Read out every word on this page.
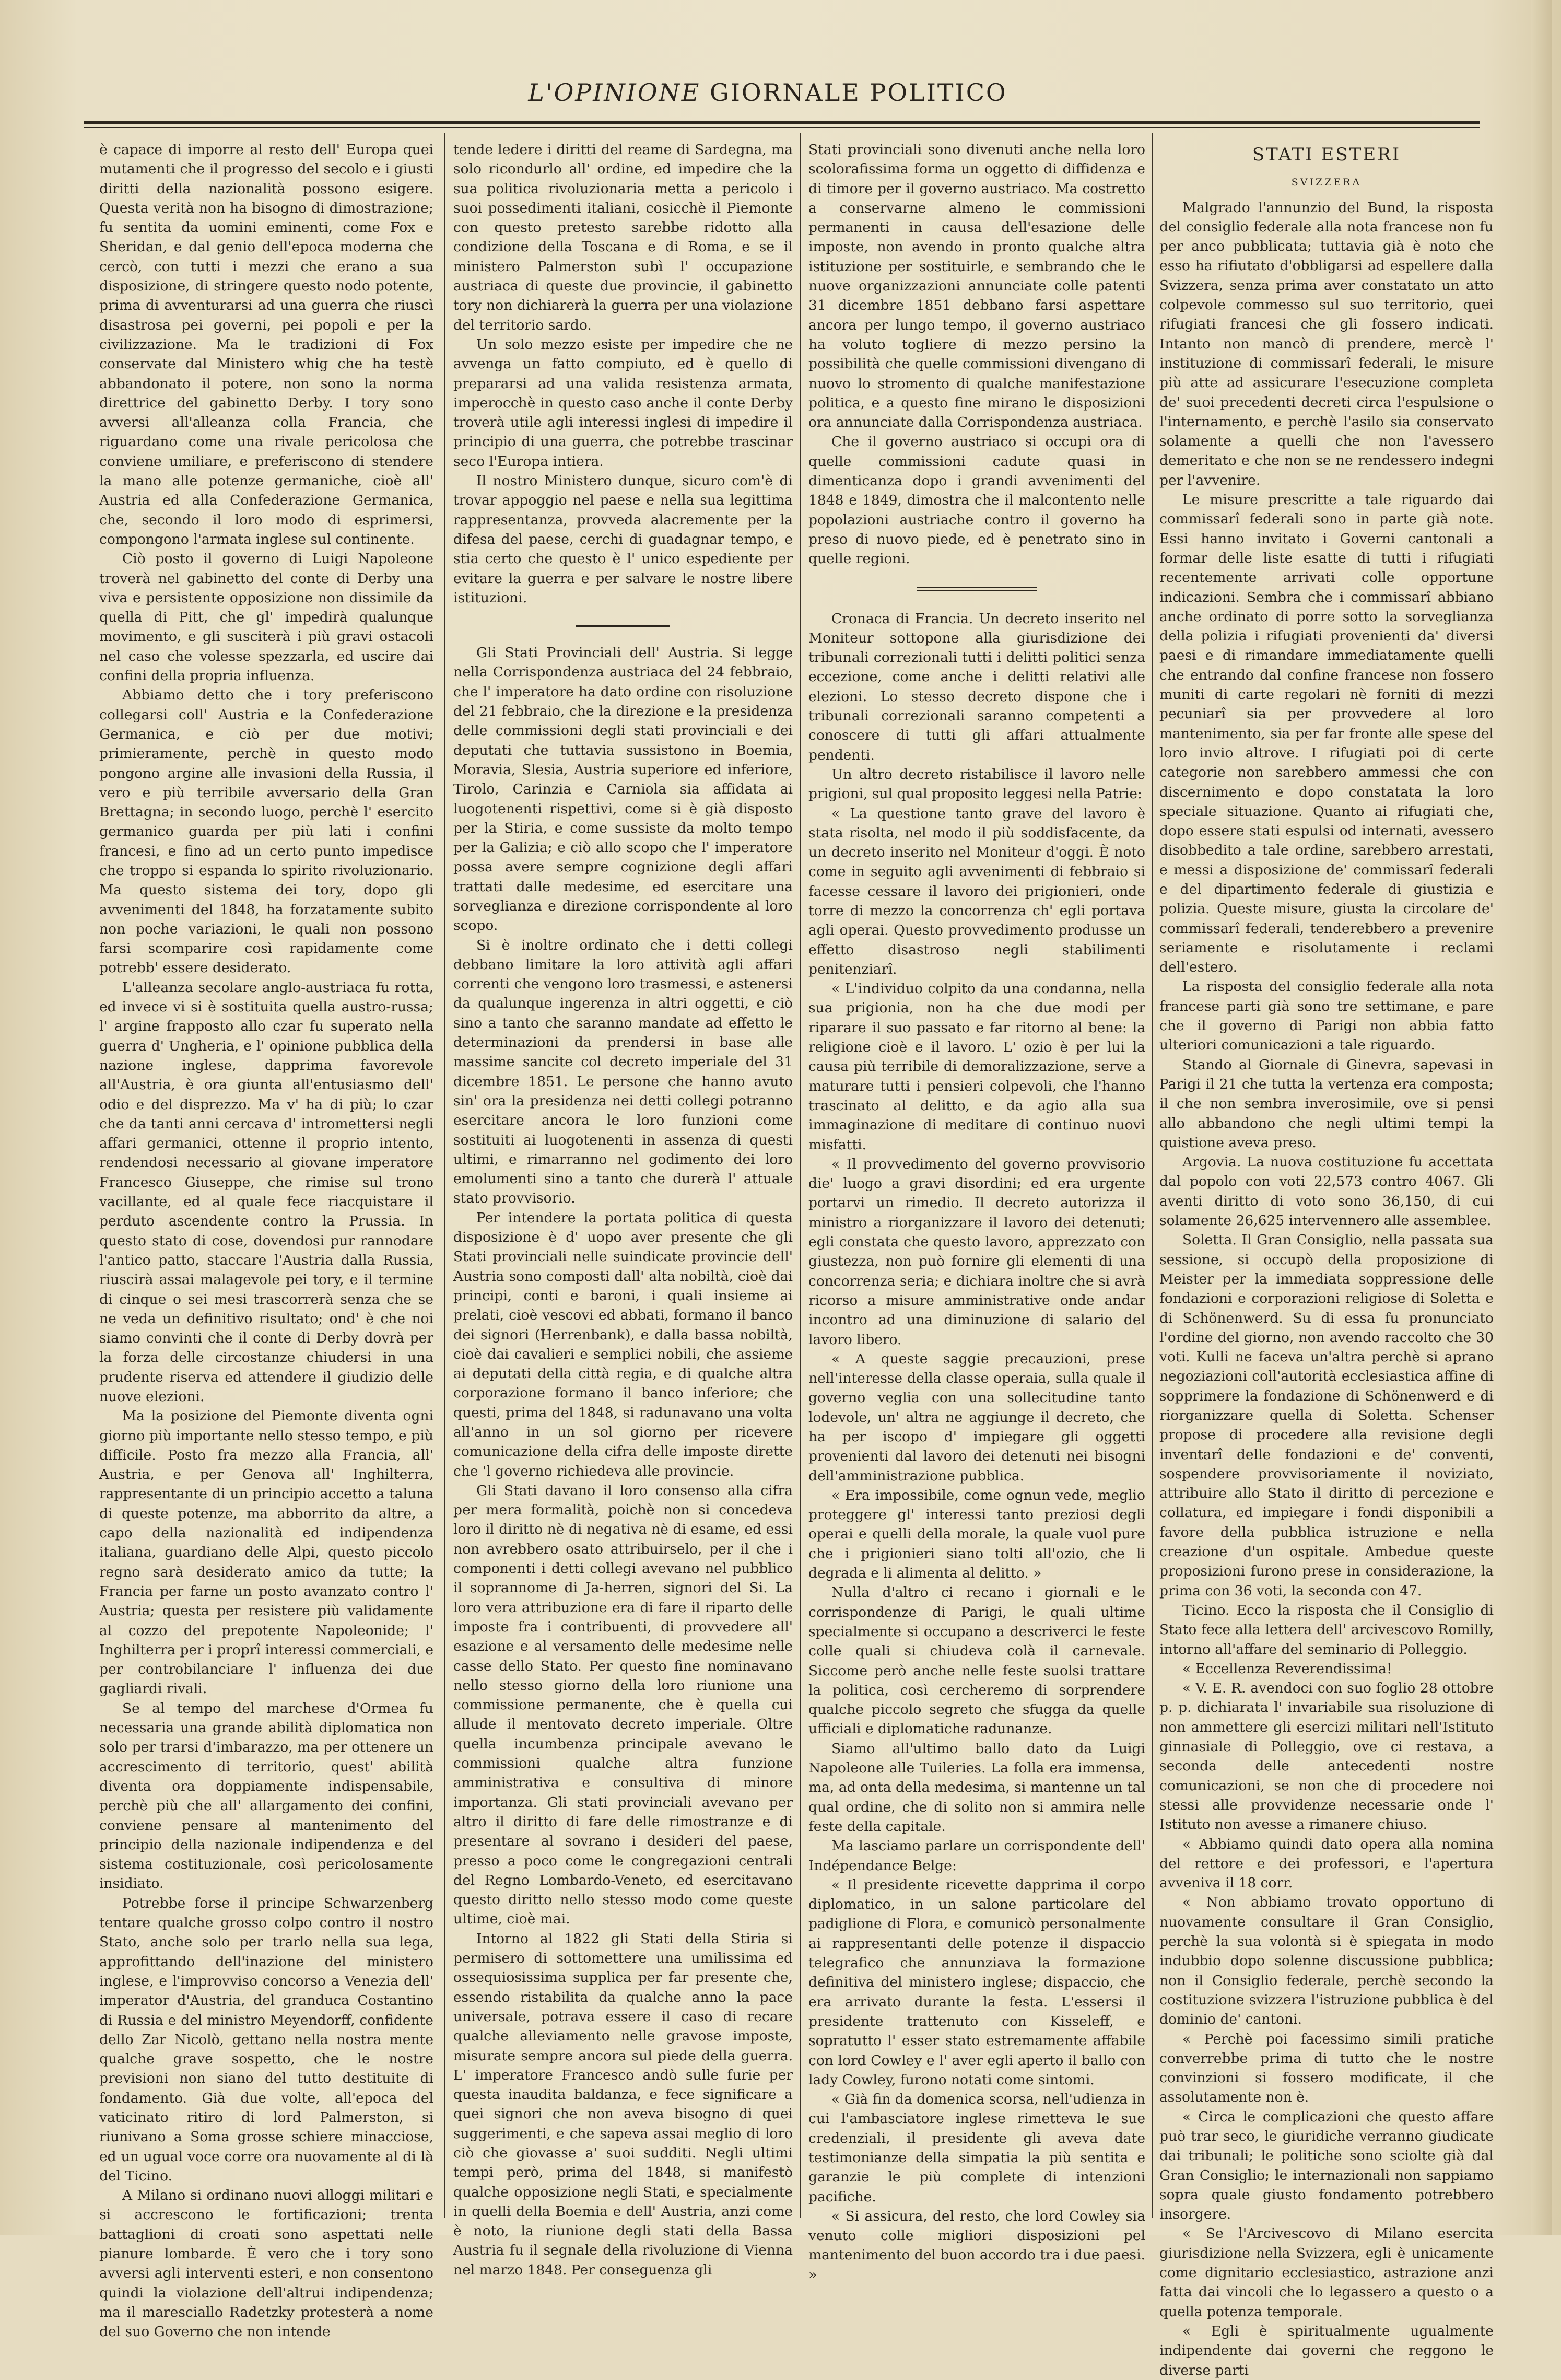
L'OPINIONE GIORNALE POLITICO

è capace di imporre al resto dell' Europa quei mutamenti che il progresso del secolo e i giusti diritti della nazionalità possono esigere. Questa verità non ha bisogno di dimostrazione; fu sentita da uomini eminenti, come Fox e Sheridan, e dal genio dell'epoca moderna che cercò, con tutti i mezzi che erano a sua disposizione, di stringere questo nodo potente, prima di avventurarsi ad una guerra che riuscì disastrosa pei governi, pei popoli e per la civilizzazione. Ma le tradizioni di Fox conservate dal Ministero whig che ha testè abbandonato il potere, non sono la norma direttrice del gabinetto Derby. I tory sono avversi all'alleanza colla Francia, che riguardano come una rivale pericolosa che conviene umiliare, e preferiscono di stendere la mano alle potenze germaniche, cioè all' Austria ed alla Confederazione Germanica, che, secondo il loro modo di esprimersi, compongono l'armata inglese sul continente.

Ciò posto il governo di Luigi Napoleone troverà nel gabinetto del conte di Derby una viva e persistente opposizione non dissimile da quella di Pitt, che gl' impedirà qualunque movimento, e gli susciterà i più gravi ostacoli nel caso che volesse spezzarla, ed uscire dai confini della propria influenza.

Abbiamo detto che i tory preferiscono collegarsi coll' Austria e la Confederazione Germanica, e ciò per due motivi; primieramente, perchè in questo modo pongono argine alle invasioni della Russia, il vero e più terribile avversario della Gran Brettagna; in secondo luogo, perchè l' esercito germanico guarda per più lati i confini francesi, e fino ad un certo punto impedisce che troppo si espanda lo spirito rivoluzionario. Ma questo sistema dei tory, dopo gli avvenimenti del 1848, ha forzatamente subito non poche variazioni, le quali non possono farsi scomparire così rapidamente come potrebb' essere desiderato.

L'alleanza secolare anglo-austriaca fu rotta, ed invece vi si è sostituita quella austro-russa; l' argine frapposto allo czar fu superato nella guerra d' Ungheria, e l' opinione pubblica della nazione inglese, dapprima favorevole all'Austria, è ora giunta all'entusiasmo dell' odio e del disprezzo. Ma v' ha di più; lo czar che da tanti anni cercava d' intromettersi negli affari germanici, ottenne il proprio intento, rendendosi necessario al giovane imperatore Francesco Giuseppe, che rimise sul trono vacillante, ed al quale fece riacquistare il perduto ascendente contro la Prussia. In questo stato di cose, dovendosi pur rannodare l'antico patto, staccare l'Austria dalla Russia, riuscirà assai malagevole pei tory, e il termine di cinque o sei mesi trascorrerà senza che se ne veda un definitivo risultato; ond' è che noi siamo convinti che il conte di Derby dovrà per la forza delle circostanze chiudersi in una prudente riserva ed attendere il giudizio delle nuove elezioni.

Ma la posizione del Piemonte diventa ogni giorno più importante nello stesso tempo, e più difficile. Posto fra mezzo alla Francia, all' Austria, e per Genova all' Inghilterra, rappresentante di un principio accetto a taluna di queste potenze, ma abborrito da altre, a capo della nazionalità ed indipendenza italiana, guardiano delle Alpi, questo piccolo regno sarà desiderato amico da tutte; la Francia per farne un posto avanzato contro l' Austria; questa per resistere più validamente al cozzo del prepotente Napoleonide; l' Inghilterra per i proprî interessi commerciali, e per controbilanciare l' influenza dei due gagliardi rivali.

Se al tempo del marchese d'Ormea fu necessaria una grande abilità diplomatica non solo per trarsi d'imbarazzo, ma per ottenere un accrescimento di territorio, quest' abilità diventa ora doppiamente indispensabile, perchè più che all' allargamento dei confini, conviene pensare al mantenimento del principio della nazionale indipendenza e del sistema costituzionale, così pericolosamente insidiato.

Potrebbe forse il principe Schwarzenberg tentare qualche grosso colpo contro il nostro Stato, anche solo per trarlo nella sua lega, approfittando dell'inazione del ministero inglese, e l'improvviso concorso a Venezia dell' imperator d'Austria, del granduca Costantino di Russia e del ministro Meyendorff, confidente dello Zar Nicolò, gettano nella nostra mente qualche grave sospetto, che le nostre previsioni non siano del tutto destituite di fondamento. Già due volte, all'epoca del vaticinato ritiro di lord Palmerston, si riunivano a Soma grosse schiere minacciose, ed un ugual voce corre ora nuovamente al di là del Ticino.

A Milano si ordinano nuovi alloggi militari e si accrescono le fortificazioni; trenta battaglioni di croati sono aspettati nelle pianure lombarde. È vero che i tory sono avversi agli interventi esteri, e non consentono quindi la violazione dell'altrui indipendenza; ma il maresciallo Radetzky protesterà a nome del suo Governo che non intende

tende ledere i diritti del reame di Sardegna, ma solo ricondurlo all' ordine, ed impedire che la sua politica rivoluzionaria metta a pericolo i suoi possedimenti italiani, cosicchè il Piemonte con questo pretesto sarebbe ridotto alla condizione della Toscana e di Roma, e se il ministero Palmerston subì l' occupazione austriaca di queste due provincie, il gabinetto tory non dichiarerà la guerra per una violazione del territorio sardo.

Un solo mezzo esiste per impedire che ne avvenga un fatto compiuto, ed è quello di prepararsi ad una valida resistenza armata, imperocchè in questo caso anche il conte Derby troverà utile agli interessi inglesi di impedire il principio di una guerra, che potrebbe trascinar seco l'Europa intiera.

Il nostro Ministero dunque, sicuro com'è di trovar appoggio nel paese e nella sua legittima rappresentanza, provveda alacremente per la difesa del paese, cerchi di guadagnar tempo, e stia certo che questo è l' unico espediente per evitare la guerra e per salvare le nostre libere istituzioni.

Gli Stati Provinciali dell' Austria. Si legge nella Corrispondenza austriaca del 24 febbraio, che l' imperatore ha dato ordine con risoluzione del 21 febbraio, che la direzione e la presidenza delle commissioni degli stati provinciali e dei deputati che tuttavia sussistono in Boemia, Moravia, Slesia, Austria superiore ed inferiore, Tirolo, Carinzia e Carniola sia affidata ai luogotenenti rispettivi, come si è già disposto per la Stiria, e come sussiste da molto tempo per la Galizia; e ciò allo scopo che l' imperatore possa avere sempre cognizione degli affari trattati dalle medesime, ed esercitare una sorveglianza e direzione corrispondente al loro scopo.

Si è inoltre ordinato che i detti collegi debbano limitare la loro attività agli affari correnti che vengono loro trasmessi, e astenersi da qualunque ingerenza in altri oggetti, e ciò sino a tanto che saranno mandate ad effetto le determinazioni da prendersi in base alle massime sancite col decreto imperiale del 31 dicembre 1851. Le persone che hanno avuto sin' ora la presidenza nei detti collegi potranno esercitare ancora le loro funzioni come sostituiti ai luogotenenti in assenza di questi ultimi, e rimarranno nel godimento dei loro emolumenti sino a tanto che durerà l' attuale stato provvisorio.

Per intendere la portata politica di questa disposizione è d' uopo aver presente che gli Stati provinciali nelle suindicate provincie dell' Austria sono composti dall' alta nobiltà, cioè dai principi, conti e baroni, i quali insieme ai prelati, cioè vescovi ed abbati, formano il banco dei signori (Herrenbank), e dalla bassa nobiltà, cioè dai cavalieri e semplici nobili, che assieme ai deputati della città regia, e di qualche altra corporazione formano il banco inferiore; che questi, prima del 1848, si radunavano una volta all'anno in un sol giorno per ricevere comunicazione della cifra delle imposte dirette che 'l governo richiedeva alle provincie.

Gli Stati davano il loro consenso alla cifra per mera formalità, poichè non si concedeva loro il diritto nè di negativa nè di esame, ed essi non avrebbero osato attribuirselo, per il che i componenti i detti collegi avevano nel pubblico il soprannome di Ja-herren, signori del Si. La loro vera attribuzione era di fare il riparto delle imposte fra i contribuenti, di provvedere all' esazione e al versamento delle medesime nelle casse dello Stato. Per questo fine nominavano nello stesso giorno della loro riunione una commissione permanente, che è quella cui allude il mentovato decreto imperiale. Oltre quella incumbenza principale avevano le commissioni qualche altra funzione amministrativa e consultiva di minore importanza. Gli stati provinciali avevano per altro il diritto di fare delle rimostranze e di presentare al sovrano i desideri del paese, presso a poco come le congregazioni centrali del Regno Lombardo-Veneto, ed esercitavano questo diritto nello stesso modo come queste ultime, cioè mai.

Intorno al 1822 gli Stati della Stiria si permisero di sottomettere una umilissima ed ossequiosissima supplica per far presente che, essendo ristabilita da qualche anno la pace universale, potrava essere il caso di recare qualche alleviamento nelle gravose imposte, misurate sempre ancora sul piede della guerra. L' imperatore Francesco andò sulle furie per questa inaudita baldanza, e fece significare a quei signori che non aveva bisogno di quei suggerimenti, e che sapeva assai meglio di loro ciò che giovasse a' suoi sudditi. Negli ultimi tempi però, prima del 1848, si manifestò qualche opposizione negli Stati, e specialmente in quelli della Boemia e dell' Austria, anzi come è noto, la riunione degli stati della Bassa Austria fu il segnale della rivoluzione di Vienna nel marzo 1848. Per conseguenza gli

Stati provinciali sono divenuti anche nella loro scolorafissima forma un oggetto di diffidenza e di timore per il governo austriaco. Ma costretto a conservarne almeno le commissioni permanenti in causa dell'esazione delle imposte, non avendo in pronto qualche altra istituzione per sostituirle, e sembrando che le nuove organizzazioni annunciate colle patenti 31 dicembre 1851 debbano farsi aspettare ancora per lungo tempo, il governo austriaco ha voluto togliere di mezzo persino la possibilità che quelle commissioni divengano di nuovo lo stromento di qualche manifestazione politica, e a questo fine mirano le disposizioni ora annunciate dalla Corrispondenza austriaca.

Che il governo austriaco si occupi ora di quelle commissioni cadute quasi in dimenticanza dopo i grandi avvenimenti del 1848 e 1849, dimostra che il malcontento nelle popolazioni austriache contro il governo ha preso di nuovo piede, ed è penetrato sino in quelle regioni.

Cronaca di Francia. Un decreto inserito nel Moniteur sottopone alla giurisdizione dei tribunali correzionali tutti i delitti politici senza eccezione, come anche i delitti relativi alle elezioni. Lo stesso decreto dispone che i tribunali correzionali saranno competenti a conoscere di tutti gli affari attualmente pendenti.

Un altro decreto ristabilisce il lavoro nelle prigioni, sul qual proposito leggesi nella Patrie:

« La questione tanto grave del lavoro è stata risolta, nel modo il più soddisfacente, da un decreto inserito nel Moniteur d'oggi. È noto come in seguito agli avvenimenti di febbraio si facesse cessare il lavoro dei prigionieri, onde torre di mezzo la concorrenza ch' egli portava agli operai. Questo provvedimento produsse un effetto disastroso negli stabilimenti penitenziarî.

« L'individuo colpito da una condanna, nella sua prigionia, non ha che due modi per riparare il suo passato e far ritorno al bene: la religione cioè e il lavoro. L' ozio è per lui la causa più terribile di demoralizzazione, serve a maturare tutti i pensieri colpevoli, che l'hanno trascinato al delitto, e da agio alla sua immaginazione di meditare di continuo nuovi misfatti.

« Il provvedimento del governo provvisorio die' luogo a gravi disordini; ed era urgente portarvi un rimedio. Il decreto autorizza il ministro a riorganizzare il lavoro dei detenuti; egli constata che questo lavoro, apprezzato con giustezza, non può fornire gli elementi di una concorrenza seria; e dichiara inoltre che si avrà ricorso a misure amministrative onde andar incontro ad una diminuzione di salario del lavoro libero.

« A queste saggie precauzioni, prese nell'interesse della classe operaia, sulla quale il governo veglia con una sollecitudine tanto lodevole, un' altra ne aggiunge il decreto, che ha per iscopo d' impiegare gli oggetti provenienti dal lavoro dei detenuti nei bisogni dell'amministrazione pubblica.

« Era impossibile, come ognun vede, meglio proteggere gl' interessi tanto preziosi degli operai e quelli della morale, la quale vuol pure che i prigionieri siano tolti all'ozio, che li degrada e li alimenta al delitto. »

Nulla d'altro ci recano i giornali e le corrispondenze di Parigi, le quali ultime specialmente si occupano a descriverci le feste colle quali si chiudeva colà il carnevale. Siccome però anche nelle feste suolsi trattare la politica, così cercheremo di sorprendere qualche piccolo segreto che sfugga da quelle ufficiali e diplomatiche radunanze.

Siamo all'ultimo ballo dato da Luigi Napoleone alle Tuileries. La folla era immensa, ma, ad onta della medesima, si mantenne un tal qual ordine, che di solito non si ammira nelle feste della capitale.

Ma lasciamo parlare un corrispondente dell' Indépendance Belge:

« Il presidente ricevette dapprima il corpo diplomatico, in un salone particolare del padiglione di Flora, e comunicò personalmente ai rappresentanti delle potenze il dispaccio telegrafico che annunziava la formazione definitiva del ministero inglese; dispaccio, che era arrivato durante la festa. L'essersi il presidente trattenuto con Kisseleff, e sopratutto l' esser stato estremamente affabile con lord Cowley e l' aver egli aperto il ballo con lady Cowley, furono notati come sintomi.

« Già fin da domenica scorsa, nell'udienza in cui l'ambasciatore inglese rimetteva le sue credenziali, il presidente gli aveva date testimonianze della simpatia la più sentita e garanzie le più complete di intenzioni pacifiche.

« Si assicura, del resto, che lord Cowley sia venuto colle migliori disposizioni pel mantenimento del buon accordo tra i due paesi. »

STATI ESTERI
SVIZZERA

Malgrado l'annunzio del Bund, la risposta del consiglio federale alla nota francese non fu per anco pubblicata; tuttavia già è noto che esso ha rifiutato d'obbligarsi ad espellere dalla Svizzera, senza prima aver constatato un atto colpevole commesso sul suo territorio, quei rifugiati francesi che gli fossero indicati. Intanto non mancò di prendere, mercè l' instituzione di commissarî federali, le misure più atte ad assicurare l'esecuzione completa de' suoi precedenti decreti circa l'espulsione o l'internamento, e perchè l'asilo sia conservato solamente a quelli che non l'avessero demeritato e che non se ne rendessero indegni per l'avvenire.

Le misure prescritte a tale riguardo dai commissarî federali sono in parte già note. Essi hanno invitato i Governi cantonali a formar delle liste esatte di tutti i rifugiati recentemente arrivati colle opportune indicazioni. Sembra che i commissarî abbiano anche ordinato di porre sotto la sorveglianza della polizia i rifugiati provenienti da' diversi paesi e di rimandare immediatamente quelli che entrando dal confine francese non fossero muniti di carte regolari nè forniti di mezzi pecuniarî sia per provvedere al loro mantenimento, sia per far fronte alle spese del loro invio altrove. I rifugiati poi di certe categorie non sarebbero ammessi che con discernimento e dopo constatata la loro speciale situazione. Quanto ai rifugiati che, dopo essere stati espulsi od internati, avessero disobbedito a tale ordine, sarebbero arrestati, e messi a disposizione de' commissarî federali e del dipartimento federale di giustizia e polizia. Queste misure, giusta la circolare de' commissarî federali, tenderebbero a prevenire seriamente e risolutamente i reclami dell'estero.

La risposta del consiglio federale alla nota francese parti già sono tre settimane, e pare che il governo di Parigi non abbia fatto ulteriori comunicazioni a tale riguardo.

Stando al Giornale di Ginevra, sapevasi in Parigi il 21 che tutta la vertenza era composta; il che non sembra inverosimile, ove si pensi allo abbandono che negli ultimi tempi la quistione aveva preso.

Argovia. La nuova costituzione fu accettata dal popolo con voti 22,573 contro 4067. Gli aventi diritto di voto sono 36,150, di cui solamente 26,625 intervennero alle assemblee.

Soletta. Il Gran Consiglio, nella passata sua sessione, si occupò della proposizione di Meister per la immediata soppressione delle fondazioni e corporazioni religiose di Soletta e di Schönenwerd. Su di essa fu pronunciato l'ordine del giorno, non avendo raccolto che 30 voti. Kulli ne faceva un'altra perchè si aprano negoziazioni coll'autorità ecclesiastica affine di sopprimere la fondazione di Schönenwerd e di riorganizzare quella di Soletta. Schenser propose di procedere alla revisione degli inventarî delle fondazioni e de' conventi, sospendere provvisoriamente il noviziato, attribuire allo Stato il diritto di percezione e collatura, ed impiegare i fondi disponibili a favore della pubblica istruzione e nella creazione d'un ospitale. Ambedue queste proposizioni furono prese in considerazione, la prima con 36 voti, la seconda con 47.

Ticino. Ecco la risposta che il Consiglio di Stato fece alla lettera dell' arcivescovo Romilly, intorno all'affare del seminario di Polleggio.

« Eccellenza Reverendissima!

« V. E. R. avendoci con suo foglio 28 ottobre p. p. dichiarata l' invariabile sua risoluzione di non ammettere gli esercizi militari nell'Istituto ginnasiale di Polleggio, ove ci restava, a seconda delle antecedenti nostre comunicazioni, se non che di procedere noi stessi alle provvidenze necessarie onde l' Istituto non avesse a rimanere chiuso.

« Abbiamo quindi dato opera alla nomina del rettore e dei professori, e l'apertura avveniva il 18 corr.

« Non abbiamo trovato opportuno di nuovamente consultare il Gran Consiglio, perchè la sua volontà si è spiegata in modo indubbio dopo solenne discussione pubblica; non il Consiglio federale, perchè secondo la costituzione svizzera l'istruzione pubblica è del dominio de' cantoni.

« Perchè poi facessimo simili pratiche converrebbe prima di tutto che le nostre convinzioni si fossero modificate, il che assolutamente non è.

« Circa le complicazioni che questo affare può trar seco, le giuridiche verranno giudicate dai tribunali; le politiche sono sciolte già dal Gran Consiglio; le internazionali non sappiamo sopra quale giusto fondamento potrebbero insorgere.

« Se l'Arcivescovo di Milano esercita giurisdizione nella Svizzera, egli è unicamente come dignitario ecclesiastico, astrazione anzi fatta dai vincoli che lo legassero a questo o a quella potenza temporale.

« Egli è spiritualmente ugualmente indipendente dai governi che reggono le diverse parti
